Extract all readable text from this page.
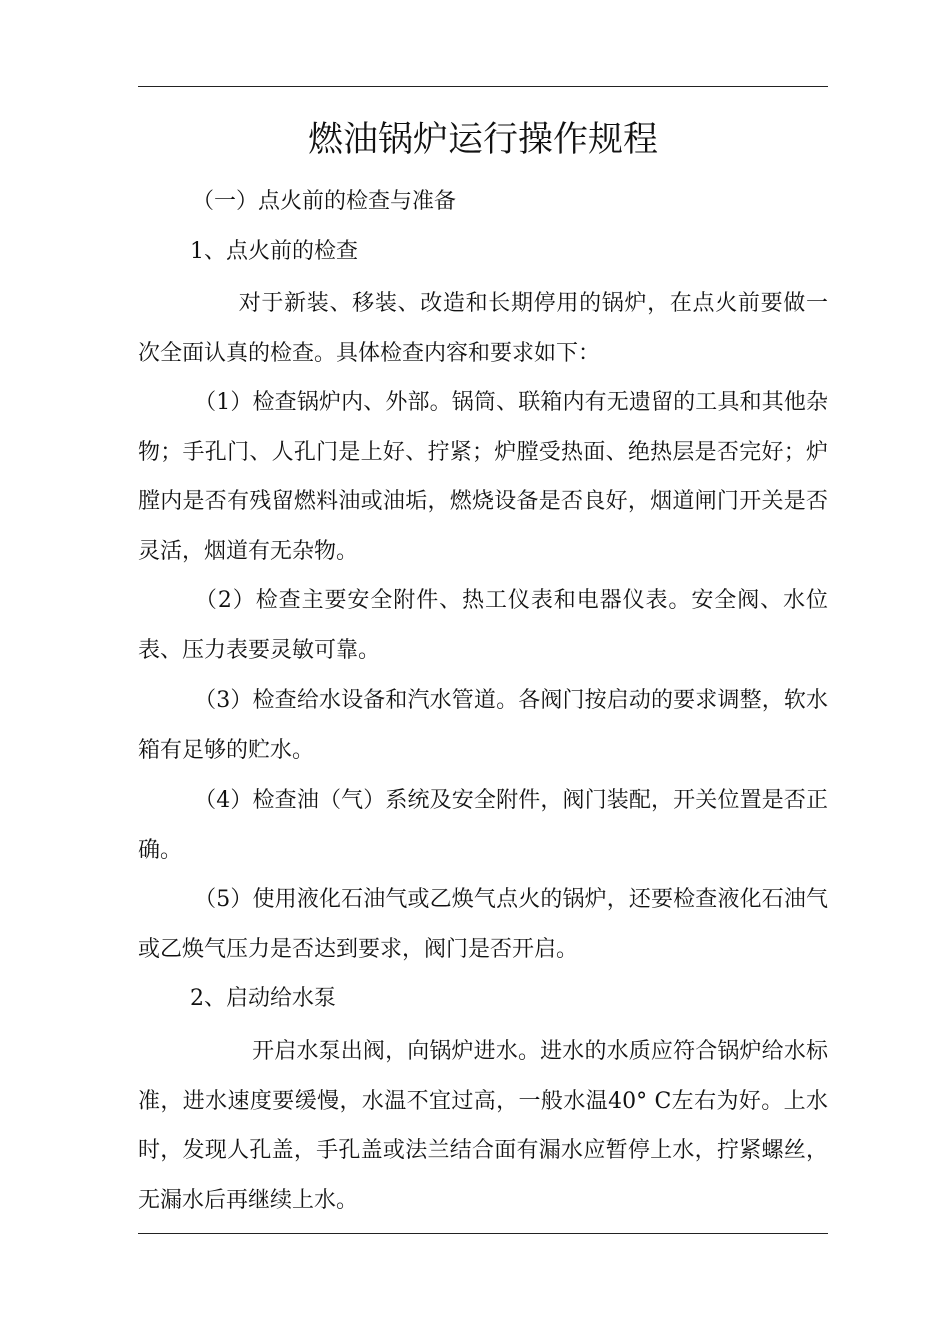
燃油锅炉运行操作规程
（一）点火前的检查与准备
1、点火前的检查
对于新装、移装、改造和长期停用的锅炉，在点火前要做一次全面认真的检查。具体检查内容和要求如下：
（1）检查锅炉内、外部。锅筒、联箱内有无遗留的工具和其他杂物；手孔门、人孔门是上好、拧紧；炉膛受热面、绝热层是否完好；炉膛内是否有残留燃料油或油垢，燃烧设备是否良好，烟道闸门开关是否灵活，烟道有无杂物。
（2）检查主要安全附件、热工仪表和电器仪表。安全阀、水位表、压力表要灵敏可靠。
（3）检查给水设备和汽水管道。各阀门按启动的要求调整，软水箱有足够的贮水。
（4）检查油（气）系统及安全附件，阀门装配，开关位置是否正确。
（5）使用液化石油气或乙焕气点火的锅炉，还要检查液化石油气或乙焕气压力是否达到要求，阀门是否开启。
2、启动给水泵
开启水泵出阀，向锅炉进水。进水的水质应符合锅炉给水标准，进水速度要缓慢，水温不宜过高，一般水温40° C左右为好。上水时，发现人孔盖，手孔盖或法兰结合面有漏水应暂停上水，拧紧螺丝，无漏水后再继续上水。
